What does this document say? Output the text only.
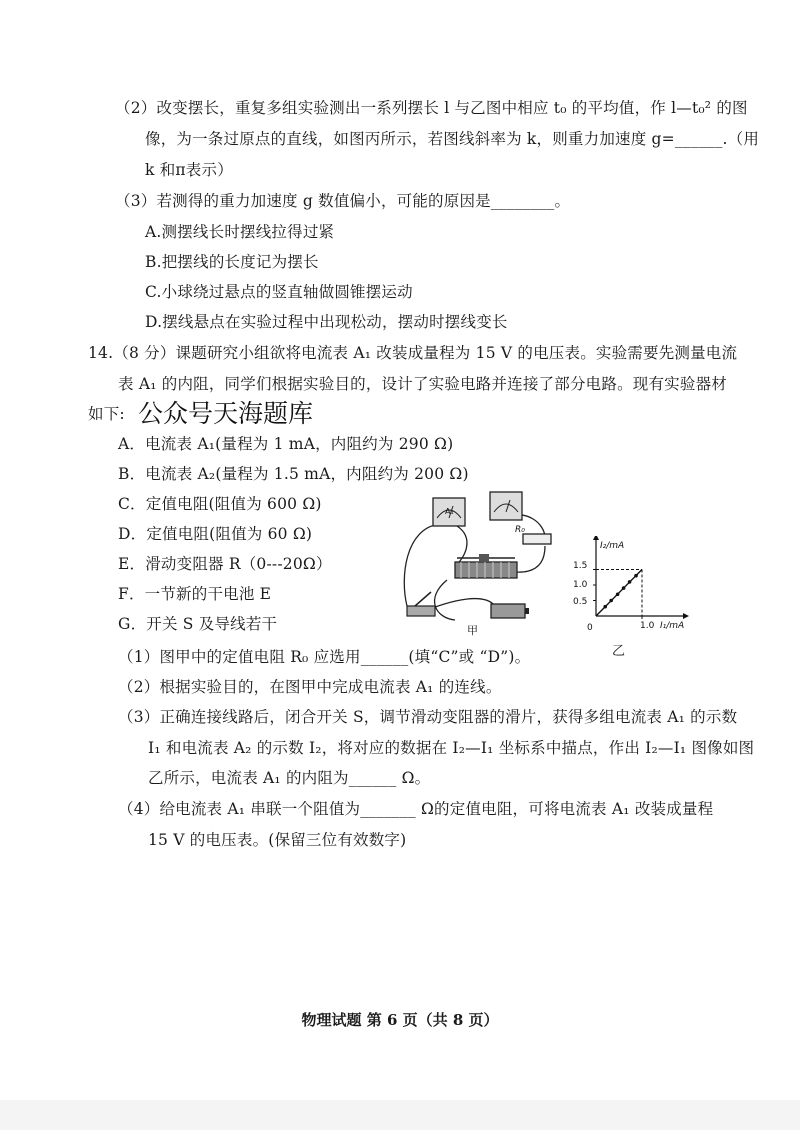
（2）改变摆长，重复多组实验测出一系列摆长 l 与乙图中相应 t₀ 的平均值，作 l—t₀² 的图
像，为一条过原点的直线，如图丙所示，若图线斜率为 k，则重力加速度 g=______.（用
k 和π表示）
（3）若测得的重力加速度 g 数值偏小，可能的原因是________。
A.测摆线长时摆线拉得过紧
B.把摆线的长度记为摆长
C.小球绕过悬点的竖直轴做圆锥摆运动
D.摆线悬点在实验过程中出现松动，摆动时摆线变长
14.（8 分）课题研究小组欲将电流表 A₁ 改装成量程为 15 V 的电压表。实验需要先测量电流
表 A₁ 的内阻，同学们根据实验目的，设计了实验电路并连接了部分电路。现有实验器材
如下: 公众号天海题库
A．电流表 A₁(量程为 1 mA，内阻约为 290 Ω)
B．电流表 A₂(量程为 1.5 mA，内阻约为 200 Ω)
C．定值电阻(阻值为 600 Ω)
D．定值电阻(阻值为 60 Ω)
E．滑动变阻器 R（0---20Ω）
F．一节新的干电池 E
G．开关 S 及导线若干
A₁
R₀
甲
I₂/mA
I₁/mA
0
1.5
1.0
0.5
1.0
乙
（1）图甲中的定值电阻 R₀ 应选用______(填“C”或 “D”)。
（2）根据实验目的，在图甲中完成电流表 A₁ 的连线。
（3）正确连接线路后，闭合开关 S，调节滑动变阻器的滑片，获得多组电流表 A₁ 的示数
I₁ 和电流表 A₂ 的示数 I₂，将对应的数据在 I₂—I₁ 坐标系中描点，作出 I₂—I₁ 图像如图
乙所示，电流表 A₁ 的内阻为______ Ω。
（4）给电流表 A₁ 串联一个阻值为_______ Ω的定值电阻，可将电流表 A₁ 改装成量程
15 V 的电压表。(保留三位有效数字)
物理试题 第 6 页（共 8 页）
